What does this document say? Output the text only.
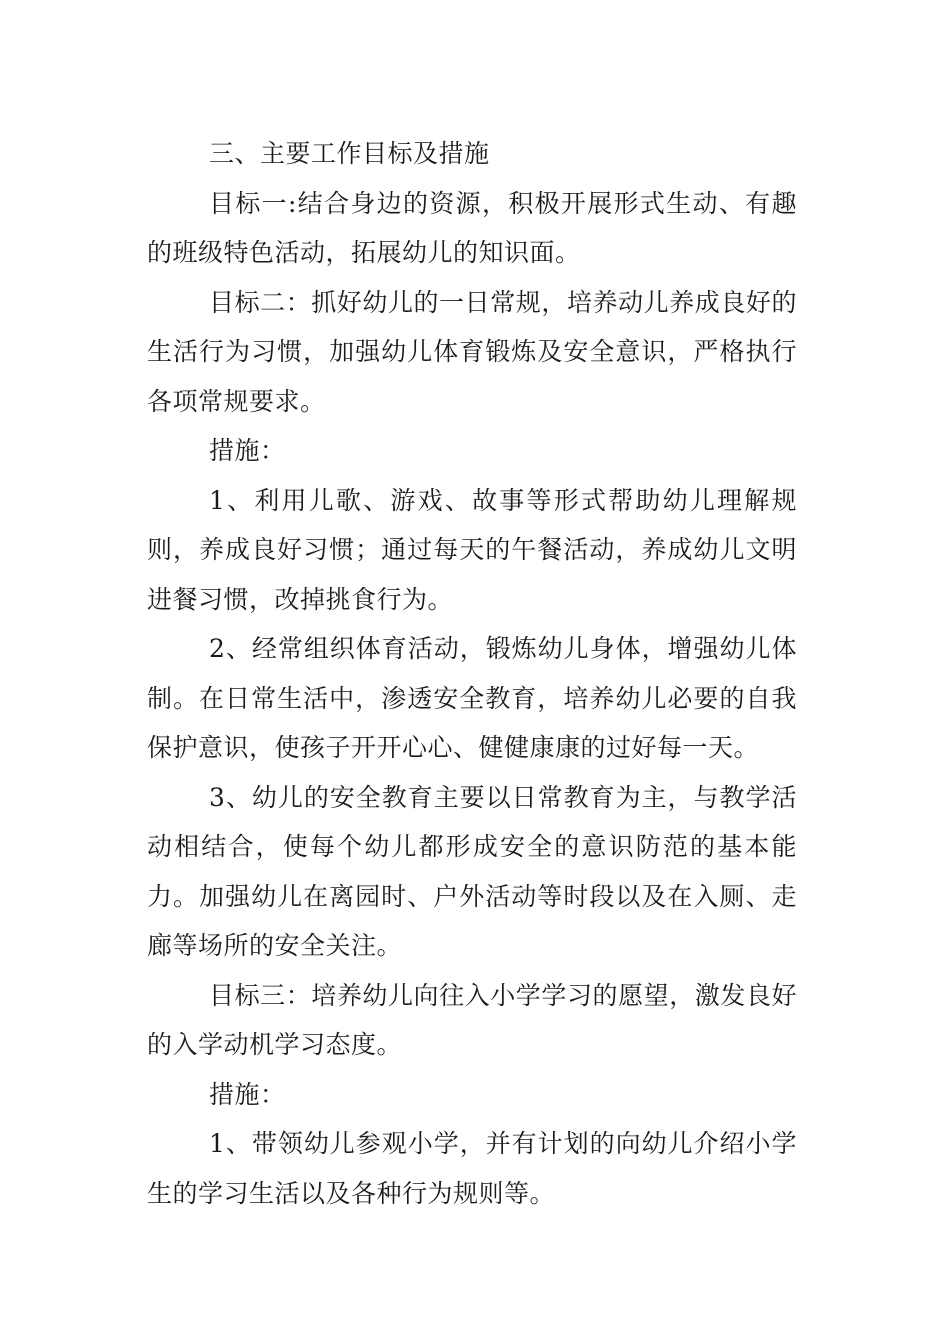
三、主要工作目标及措施

目标一:结合身边的资源，积极开展形式生动、有趣的班级特色活动，拓展幼儿的知识面。

目标二：抓好幼儿的一日常规，培养动儿养成良好的生活行为习惯，加强幼儿体育锻炼及安全意识，严格执行各项常规要求。

措施：

1、利用儿歌、游戏、故事等形式帮助幼儿理解规则，养成良好习惯；通过每天的午餐活动，养成幼儿文明进餐习惯，改掉挑食行为。

2、经常组织体育活动，锻炼幼儿身体，增强幼儿体制。在日常生活中，渗透安全教育，培养幼儿必要的自我保护意识，使孩子开开心心、健健康康的过好每一天。

3、幼儿的安全教育主要以日常教育为主，与教学活动相结合，使每个幼儿都形成安全的意识防范的基本能力。加强幼儿在离园时、户外活动等时段以及在入厕、走廊等场所的安全关注。

目标三：培养幼儿向往入小学学习的愿望，激发良好的入学动机学习态度。

措施：

1、带领幼儿参观小学，并有计划的向幼儿介绍小学生的学习生活以及各种行为规则等。
